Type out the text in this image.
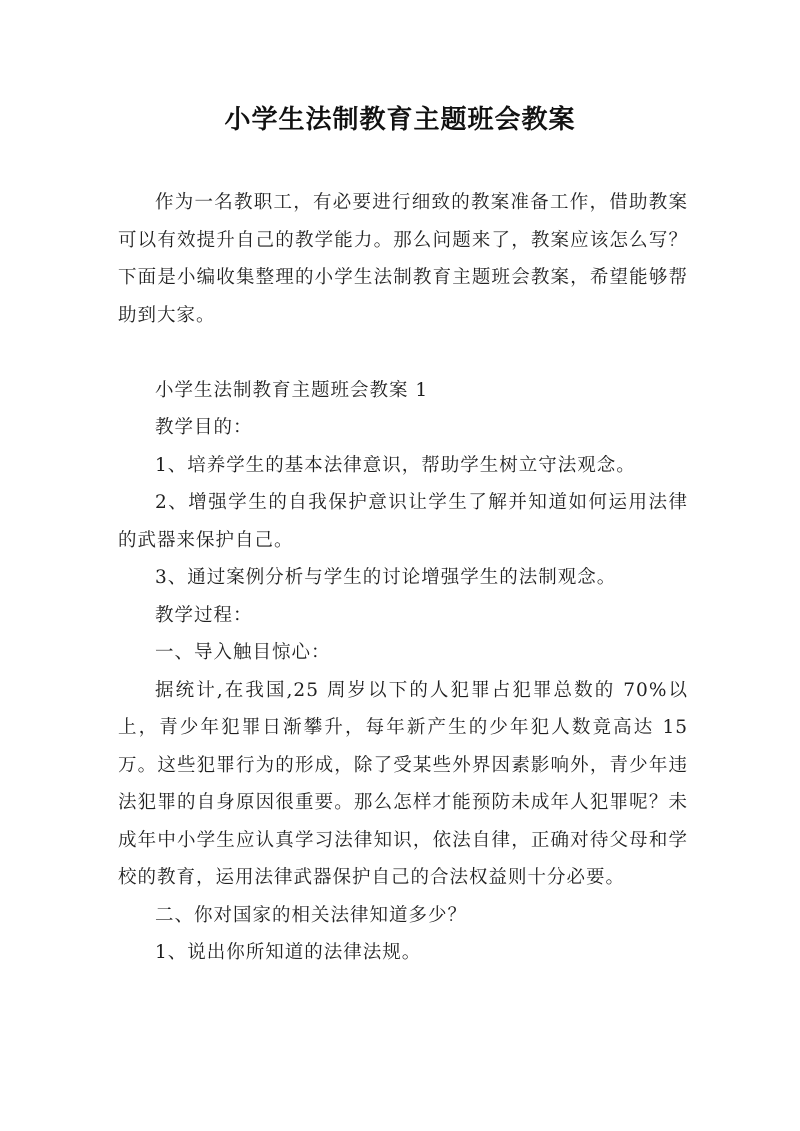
小学生法制教育主题班会教案

作为一名教职工，有必要进行细致的教案准备工作，借助教案可以有效提升自己的教学能力。那么问题来了，教案应该怎么写？下面是小编收集整理的小学生法制教育主题班会教案，希望能够帮助到大家。

小学生法制教育主题班会教案 1

教学目的：

1、培养学生的基本法律意识，帮助学生树立守法观念。

2、增强学生的自我保护意识让学生了解并知道如何运用法律的武器来保护自己。

3、通过案例分析与学生的讨论增强学生的法制观念。

教学过程：

一、导入触目惊心：

据统计,在我国,25 周岁以下的人犯罪占犯罪总数的 70%以上，青少年犯罪日渐攀升，每年新产生的少年犯人数竟高达 15 万。这些犯罪行为的形成，除了受某些外界因素影响外，青少年违法犯罪的自身原因很重要。那么怎样才能预防未成年人犯罪呢？未成年中小学生应认真学习法律知识，依法自律，正确对待父母和学校的教育，运用法律武器保护自己的合法权益则十分必要。

二、你对国家的相关法律知道多少？

1、说出你所知道的法律法规。
